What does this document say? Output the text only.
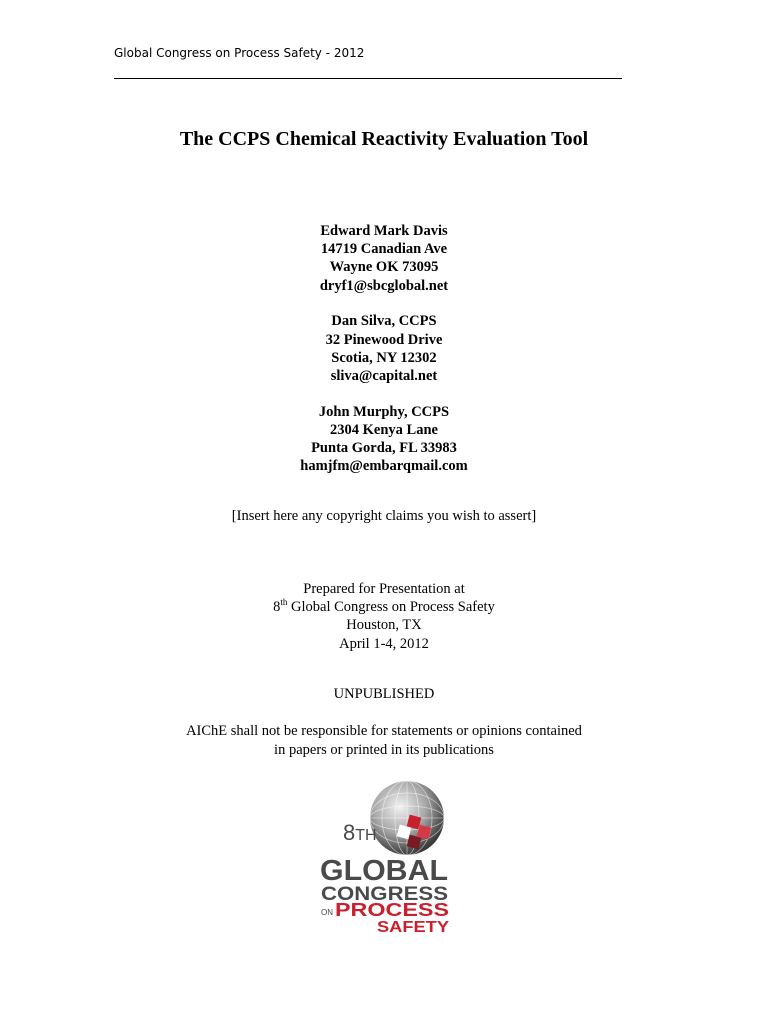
Global Congress on Process Safety - 2012
The CCPS Chemical Reactivity Evaluation Tool
Edward Mark Davis
14719 Canadian Ave
Wayne OK 73095
dryf1@sbcglobal.net
Dan Silva, CCPS
32 Pinewood Drive
Scotia, NY 12302
sliva@capital.net
John Murphy, CCPS
2304 Kenya Lane
Punta Gorda, FL 33983
hamjfm@embarqmail.com
[Insert here any copyright claims you wish to assert]
Prepared for Presentation at
8th Global Congress on Process Safety
Houston, TX
April 1-4, 2012
UNPUBLISHED
AIChE shall not be responsible for statements or opinions contained
in papers or printed in its publications
8TH
GLOBAL
CONGRESS
ON PROCESS
SAFETY
